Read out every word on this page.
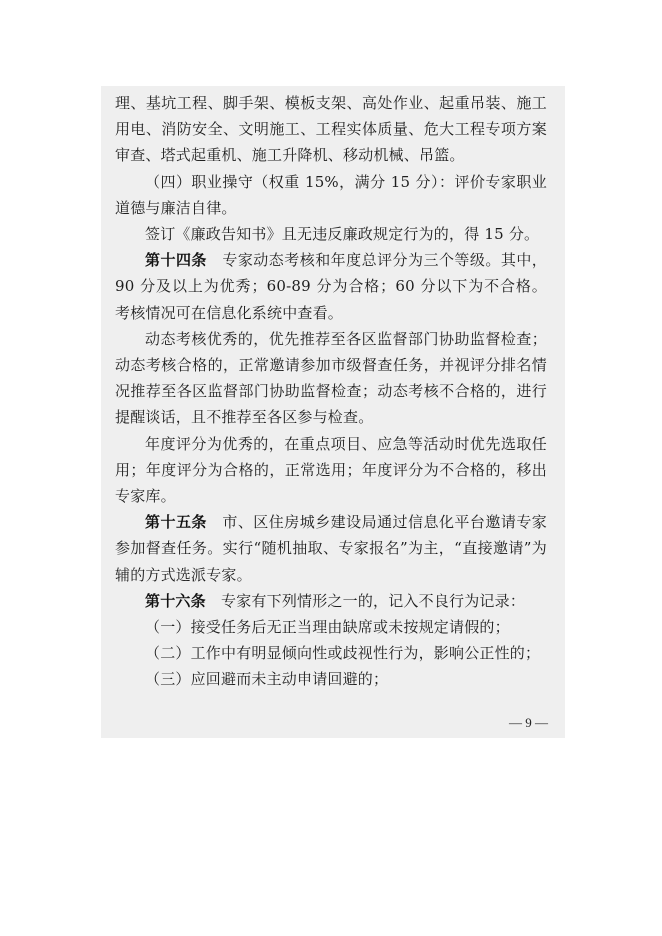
理、基坑工程、脚手架、模板支架、高处作业、起重吊装、施工用电、消防安全、文明施工、工程实体质量、危大工程专项方案审查、塔式起重机、施工升降机、移动机械、吊篮。

（四）职业操守（权重 15%，满分 15 分）：评价专家职业道德与廉洁自律。

签订《廉政告知书》且无违反廉政规定行为的，得 15 分。

第十四条　专家动态考核和年度总评分为三个等级。其中，90 分及以上为优秀；60-89 分为合格；60 分以下为不合格。考核情况可在信息化系统中查看。

动态考核优秀的，优先推荐至各区监督部门协助监督检查；动态考核合格的，正常邀请参加市级督查任务，并视评分排名情况推荐至各区监督部门协助监督检查；动态考核不合格的，进行提醒谈话，且不推荐至各区参与检查。

年度评分为优秀的，在重点项目、应急等活动时优先选取任用；年度评分为合格的，正常选用；年度评分为不合格的，移出专家库。

第十五条　市、区住房城乡建设局通过信息化平台邀请专家参加督查任务。实行“随机抽取、专家报名”为主，“直接邀请”为辅的方式选派专家。

第十六条　专家有下列情形之一的，记入不良行为记录：

（一）接受任务后无正当理由缺席或未按规定请假的；

（二）工作中有明显倾向性或歧视性行为，影响公正性的；

（三）应回避而未主动申请回避的；

— 9 —
